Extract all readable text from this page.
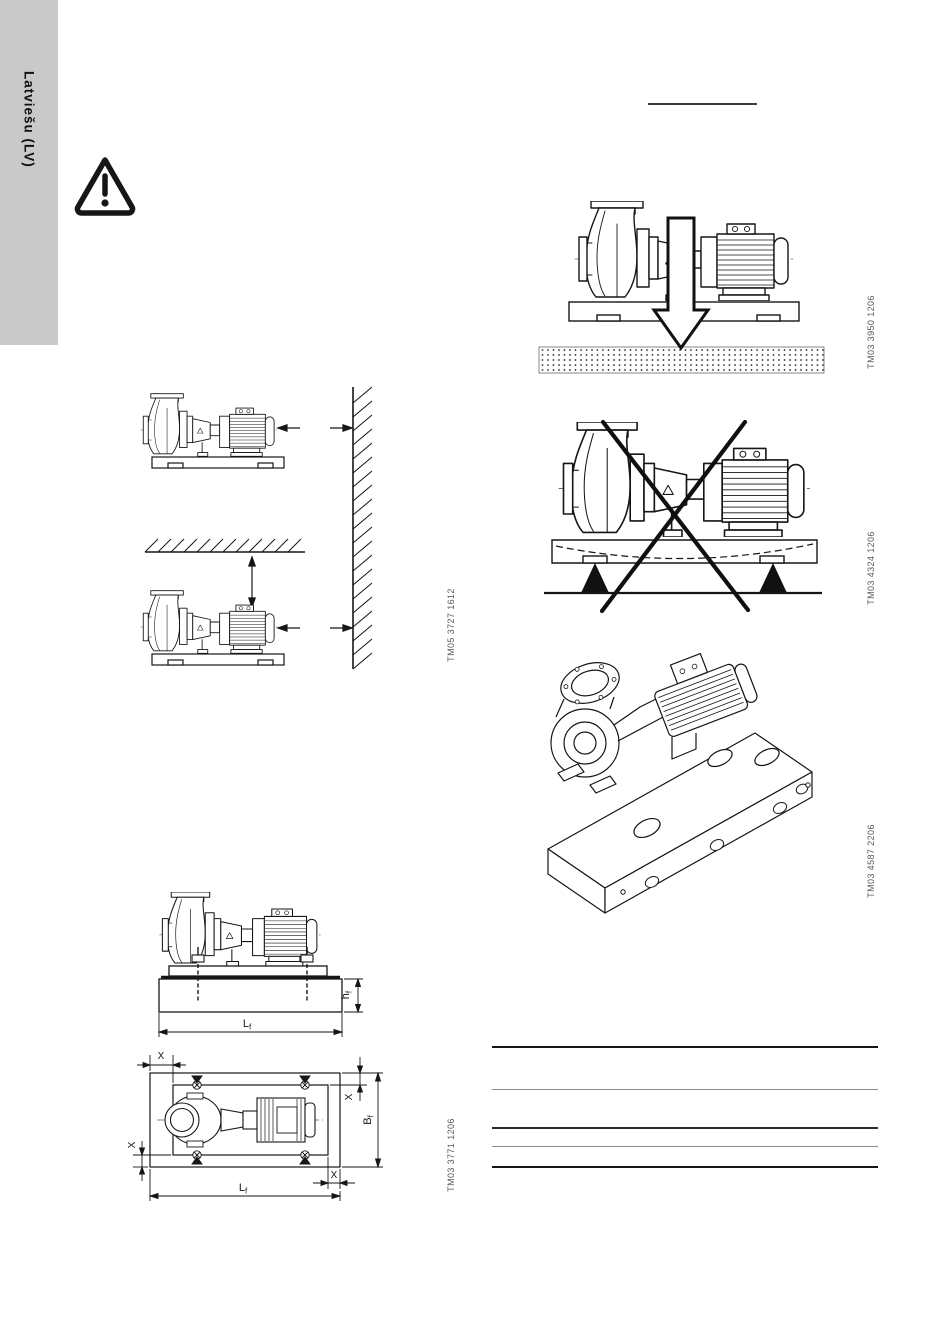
Latviešu (LV)
TM05 3727 1612
TM03 3950 1206
TM03 4324 1206
TM03 4587 2206
$h_f$
$L_f$
X
X
X
X
$B_f$
$L_f$	TM03 3771 1206
